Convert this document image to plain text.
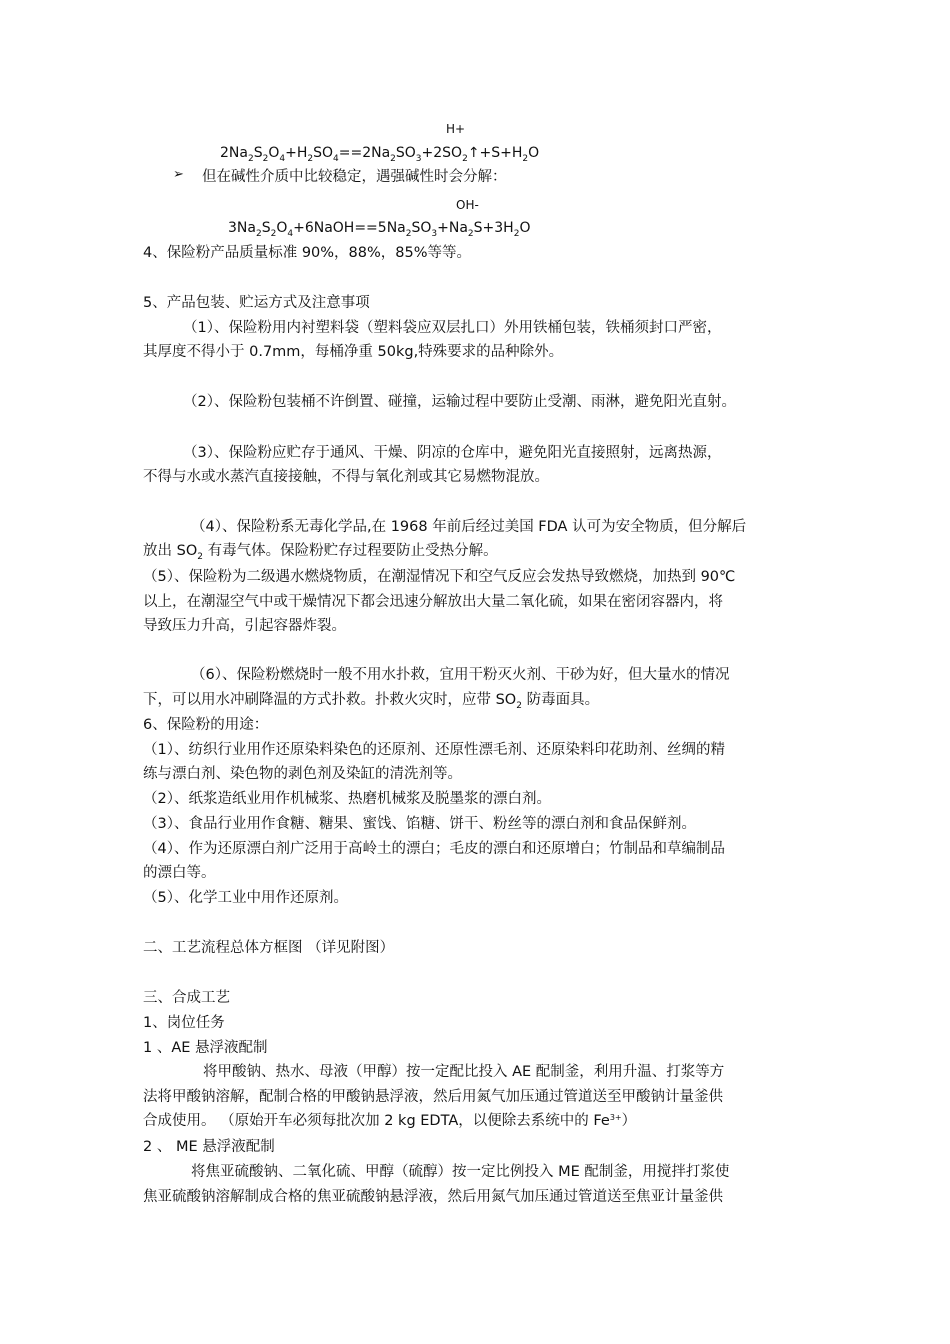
H+
$2Na_2S_2O_4+H_2SO_4==2Na_2SO_3+2SO_2↑+S+H_2O$
➢ 但在碱性介质中比较稳定，遇强碱性时会分解：
OH-
$3Na_2S_2O_4+6NaOH==5Na_2SO_3+Na_2S+3H_2O$
4、保险粉产品质量标准 90%，88%，85%等等。
5、产品包装、贮运方式及注意事项
（1）、保险粉用内衬塑料袋（塑料袋应双层扎口）外用铁桶包装，铁桶须封口严密，
其厚度不得小于 0.7mm，每桶净重 50kg,特殊要求的品种除外。
（2）、保险粉包装桶不许倒置、碰撞，运输过程中要防止受潮、雨淋，避免阳光直射。
（3）、保险粉应贮存于通风、干燥、阴凉的仓库中，避免阳光直接照射，远离热源，
不得与水或水蒸汽直接接触，不得与氧化剂或其它易燃物混放。
（4）、保险粉系无毒化学品,在 1968 年前后经过美国 FDA 认可为安全物质，但分解后
放出 $SO_2$ 有毒气体。保险粉贮存过程要防止受热分解。
（5）、保险粉为二级遇水燃烧物质，在潮湿情况下和空气反应会发热导致燃烧，加热到 90℃
以上，在潮湿空气中或干燥情况下都会迅速分解放出大量二氧化硫，如果在密闭容器内，将
导致压力升高，引起容器炸裂。
（6）、保险粉燃烧时一般不用水扑救，宜用干粉灭火剂、干砂为好，但大量水的情况
下，可以用水冲刷降温的方式扑救。扑救火灾时，应带 $SO_2$ 防毒面具。
6、保险粉的用途：
（1）、纺织行业用作还原染料染色的还原剂、还原性漂毛剂、还原染料印花助剂、丝绸的精
练与漂白剂、染色物的剥色剂及染缸的清洗剂等。
（2）、纸浆造纸业用作机械浆、热磨机械浆及脱墨浆的漂白剂。
（3）、食品行业用作食糖、糖果、蜜饯、馅糖、饼干、粉丝等的漂白剂和食品保鲜剂。
（4）、作为还原漂白剂广泛用于高岭土的漂白；毛皮的漂白和还原增白；竹制品和草编制品
的漂白等。
（5）、化学工业中用作还原剂。
二、工艺流程总体方框图 （详见附图）
三、合成工艺
1、岗位任务
1 、AE 悬浮液配制
将甲酸钠、热水、母液（甲醇）按一定配比投入 AE 配制釜，利用升温、打浆等方
法将甲酸钠溶解，配制合格的甲酸钠悬浮液，然后用氮气加压通过管道送至甲酸钠计量釜供
合成使用。 （原始开车必须每批次加 2 kg EDTA，以便除去系统中的 $Fe^{3+}$）
2 、 ME 悬浮液配制
将焦亚硫酸钠、二氧化硫、甲醇（硫醇）按一定比例投入 ME 配制釜，用搅拌打浆使
焦亚硫酸钠溶解制成合格的焦亚硫酸钠悬浮液，然后用氮气加压通过管道送至焦亚计量釜供
